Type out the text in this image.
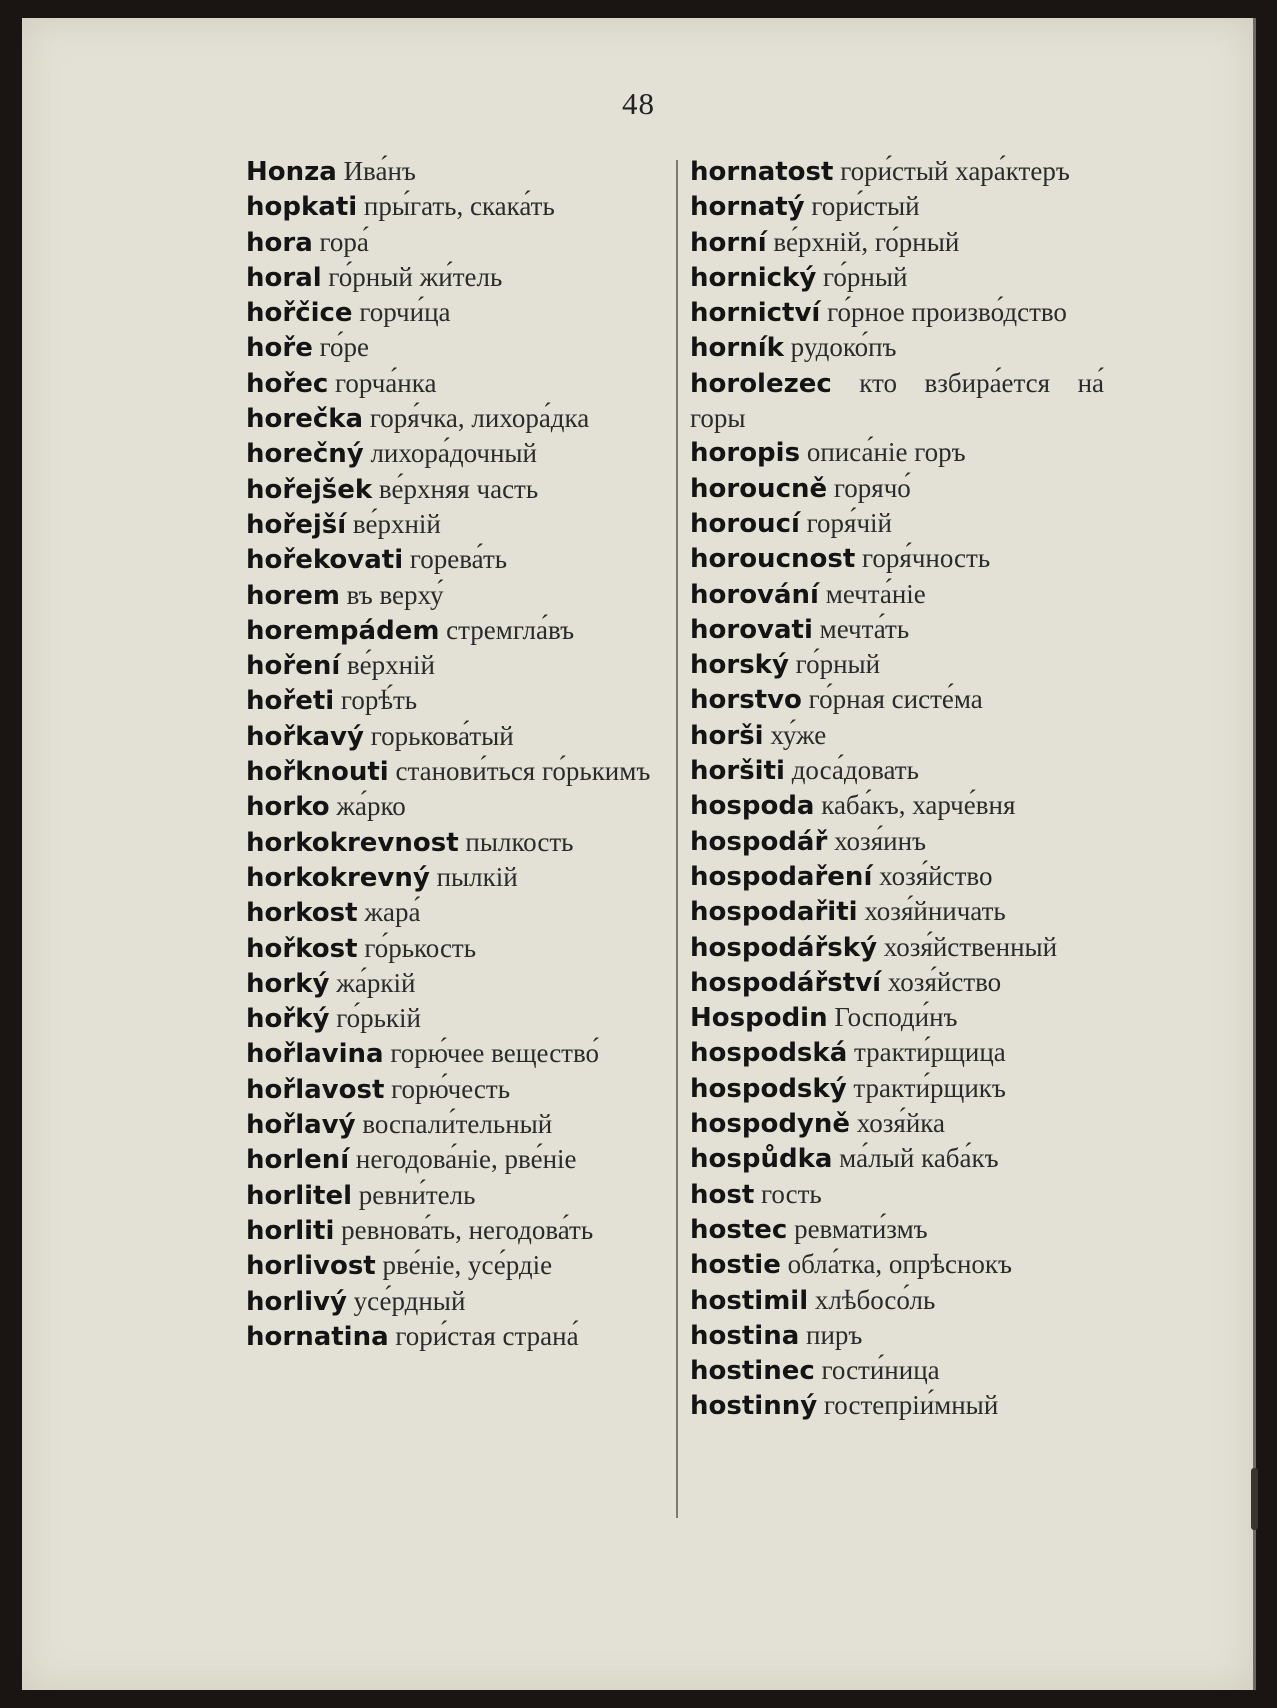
48
Honza Ива́нъ
hopkati пры́гать, скака́ть
hora гора́
horal го́рный жи́тель
hořčice горчи́ца
hoře го́ре
hořec горча́нка
horečka горя́чка, лихора́дка
horečný лихора́дочный
hořejšek ве́рхняя часть
hořejší ве́рхній
hořekovati горева́ть
horem въ верху́
horempádem стремгла́въ
hoření ве́рхній
hořeti горѣ́ть
hořkavý горькова́тый
hořknouti станови́ться го́рькимъ
horko жа́рко
horkokrevnost пылкость
horkokrevný пылкій
horkost жара́
hořkost го́рькость
horký жа́ркій
hořký го́рькій
hořlavina горю́чее вещество́
hořlavost горю́честь
hořlavý воспали́тельный
horlení негодова́ніе, рве́ніе
horlitel ревни́тель
horliti ревнова́ть, негодова́ть
horlivost рве́ніе, усе́рдіе
horlivý усе́рдный
hornatina гори́стая страна́
hornatost гори́стый хара́ктеръ
hornatý гори́стый
horní ве́рхній, го́рный
hornický го́рный
hornictví го́рное произво́дство
horník рудоко́пъ
horolezec кто взбира́ется на́ горы
horopis описа́ніе горъ
horoucně горячо́
horoucí горя́чій
horoucnost горя́чность
horování мечта́ніе
horovati мечта́ть
horský го́рный
horstvo го́рная систе́ма
horši ху́же
horšiti доса́довать
hospoda каба́къ, харче́вня
hospodář хозя́инъ
hospodaření хозя́йство
hospodařiti хозя́йничать
hospodářský хозя́йственный
hospodářství хозя́йство
Hospodin Господи́нъ
hospodská тракти́рщица
hospodský тракти́рщикъ
hospodyně хозя́йка
hospůdka ма́лый каба́къ
host гость
hostec ревмати́змъ
hostie обла́тка, опрѣснокъ
hostimil хлѣбосо́ль
hostina пиръ
hostinec гости́ница
hostinný гостепріи́мный
